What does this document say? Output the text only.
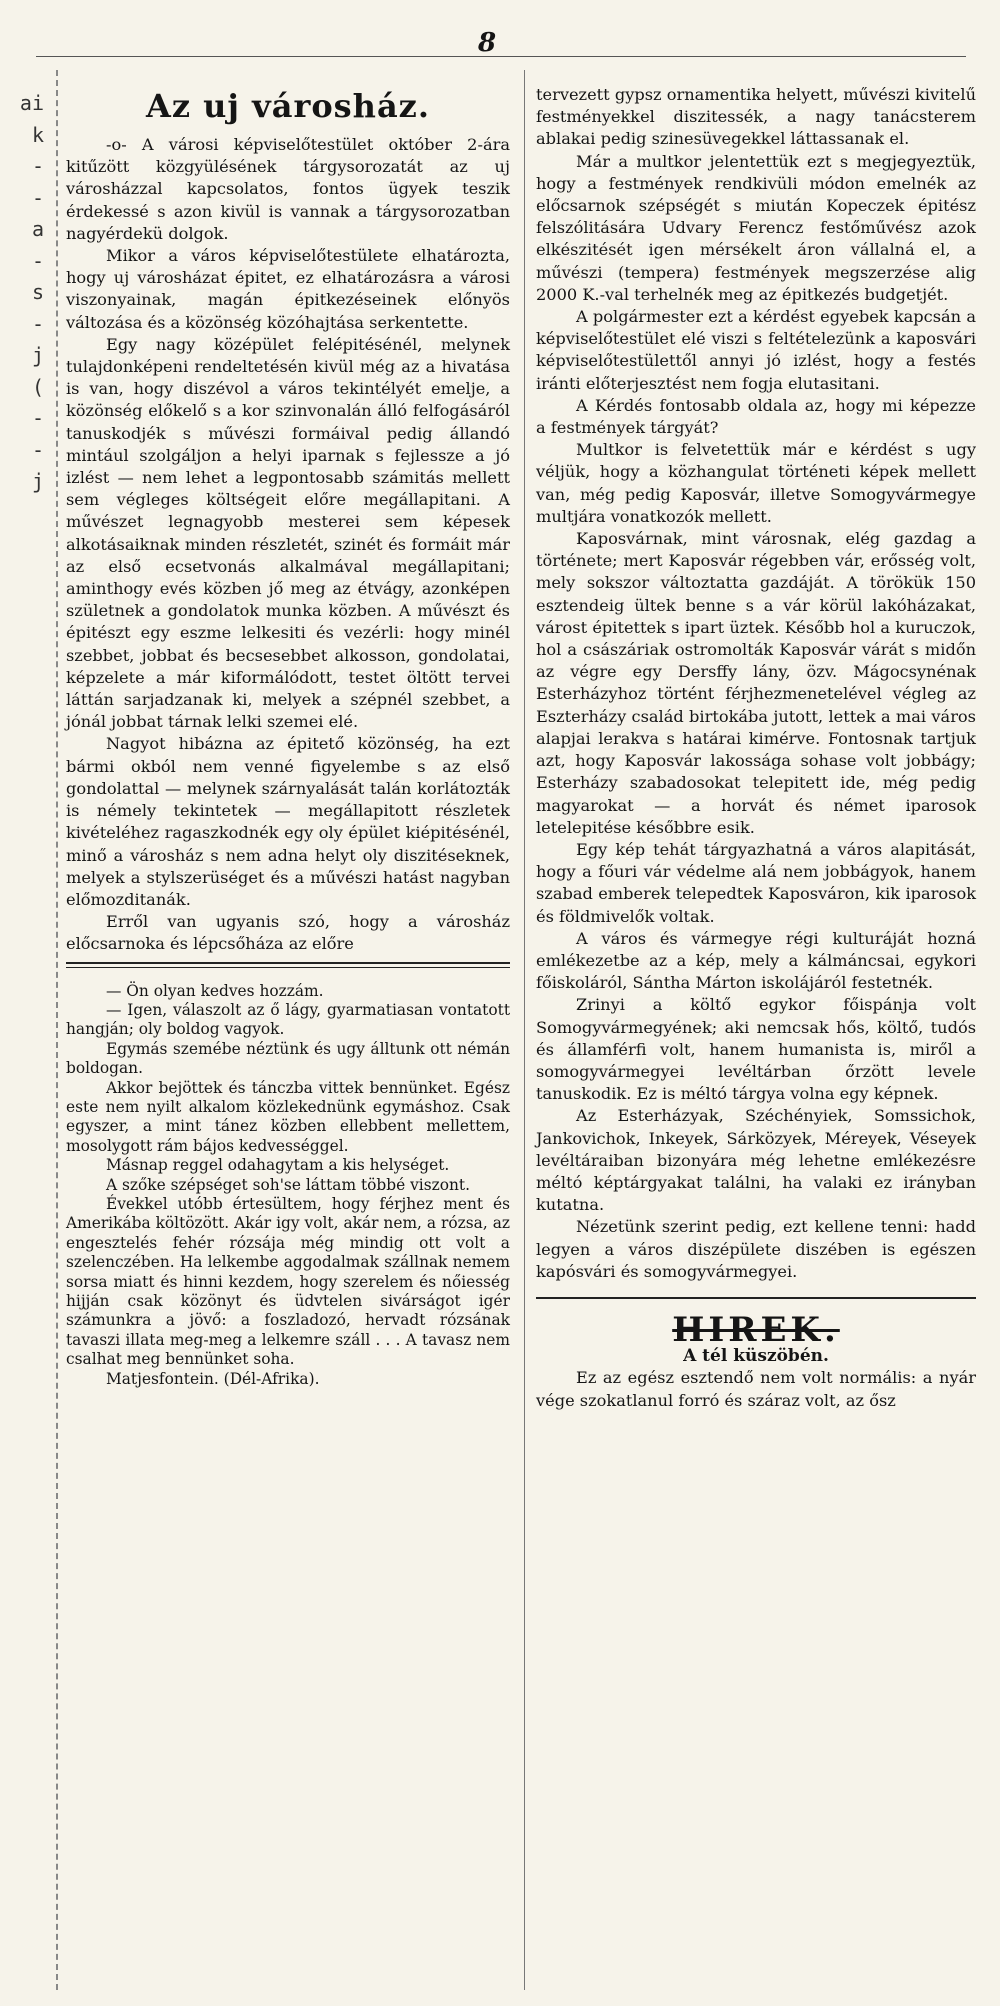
8
ai
k
-
-
a
-
s
-
j
(
-
-
j
Az uj városház.

-o- A városi képviselőtestület október 2-ára kitűzött közgyülésének tárgysorozatát az uj városházzal kapcsolatos, fontos ügyek teszik érdekessé s azon kivül is vannak a tárgysorozatban nagyérdekü dolgok.

Mikor a város képviselőtestülete elhatározta, hogy uj városházat épitet, ez elhatározásra a városi viszonyainak, magán épitkezéseinek előnyös változása és a közönség közóhajtása serkentette.

Egy nagy középület felépitésénél, melynek tulajdonképeni rendeltetésén kivül még az a hivatása is van, hogy diszévol a város tekintélyét emelje, a közönség előkelő s a kor szinvonalán álló felfogásáról tanuskodjék s művészi formáival pedig állandó mintául szolgáljon a helyi iparnak s fejlessze a jó izlést — nem lehet a legpontosabb számitás mellett sem végleges költségeit előre megállapitani. A művészet legnagyobb mesterei sem képesek alkotásaiknak minden részletét, szinét és formáit már az első ecsetvonás alkalmával megállapitani; aminthogy evés közben jő meg az étvágy, azonképen születnek a gondolatok munka közben. A művészt és épitészt egy eszme lelkesiti és vezérli: hogy minél szebbet, jobbat és becsesebbet alkosson, gondolatai, képzelete a már kiformálódott, testet öltött tervei láttán sarjadzanak ki, melyek a szépnél szebbet, a jónál jobbat tárnak lelki szemei elé.

Nagyot hibázna az épitető közönség, ha ezt bármi okból nem venné figyelembe s az első gondolattal — melynek szárnyalását talán korlátozták is némely tekintetek — megállapitott részletek kivételéhez ragaszkodnék egy oly épület kiépitésénél, minő a városház s nem adna helyt oly diszitéseknek, melyek a stylszerüséget és a művészi hatást nagyban előmozditanák.

Erről van ugyanis szó, hogy a városház előcsarnoka és lépcsőháza az előre

— Ön olyan kedves hozzám.

— Igen, válaszolt az ő lágy, gyarmatiasan vontatott hangján; oly boldog vagyok.

Egymás szemébe néztünk és ugy álltunk ott némán boldogan.

Akkor bejöttek és tánczba vittek bennünket. Egész este nem nyilt alkalom közlekednünk egymáshoz. Csak egyszer, a mint tánez közben ellebbent mellettem, mosolygott rám bájos kedvességgel.

Másnap reggel odahagytam a kis helységet.

A szőke szépséget soh'se láttam többé viszont.

Évekkel utóbb értesültem, hogy férjhez ment és Amerikába költözött. Akár igy volt, akár nem, a rózsa, az engesztelés fehér rózsája még mindig ott volt a szelenczében. Ha lelkembe aggodalmak szállnak nemem sorsa miatt és hinni kezdem, hogy szerelem és nőiesség hijján csak közönyt és üdvtelen sivárságot igér számunkra a jövő: a foszladozó, hervadt rózsának tavaszi illata meg-meg a lelkemre száll . . . A tavasz nem csalhat meg bennünket soha.

Matjesfontein. (Dél-Afrika).

tervezett gypsz ornamentika helyett, művészi kivitelű festményekkel diszitessék, a nagy tanácsterem ablakai pedig szinesüvegekkel láttassanak el.

Már a multkor jelentettük ezt s megjegyeztük, hogy a festmények rendkivüli módon emelnék az előcsarnok szépségét s miután Kopeczek épitész felszólitására Udvary Ferencz festőművész azok elkészitését igen mérsékelt áron vállalná el, a művészi (tempera) festmények megszerzése alig 2000 K.-val terhelnék meg az épitkezés budgetjét.

A polgármester ezt a kérdést egyebek kapcsán a képviselőtestület elé viszi s feltételezünk a kaposvári képviselőtestülettől annyi jó izlést, hogy a festés iránti előterjesztést nem fogja elutasitani.

A Kérdés fontosabb oldala az, hogy mi képezze a festmények tárgyát?

Multkor is felvetettük már e kérdést s ugy véljük, hogy a közhangulat történeti képek mellett van, még pedig Kaposvár, illetve Somogyvármegye multjára vonatkozók mellett.

Kaposvárnak, mint városnak, elég gazdag a története; mert Kaposvár régebben vár, erősség volt, mely sokszor változtatta gazdáját. A törökük 150 esztendeig ültek benne s a vár körül lakóházakat, várost épitettek s ipart üztek. Később hol a kuruczok, hol a császáriak ostromolták Kaposvár várát s midőn az végre egy Dersffy lány, özv. Mágocsynénak Esterházyhoz történt férjhezmenetelével végleg az Eszterházy család birtokába jutott, lettek a mai város alapjai lerakva s határai kimérve. Fontosnak tartjuk azt, hogy Kaposvár lakossága sohase volt jobbágy; Esterházy szabadosokat telepitett ide, még pedig magyarokat — a horvát és német iparosok letelepitése későbbre esik.

Egy kép tehát tárgyazhatná a város alapitását, hogy a főuri vár védelme alá nem jobbágyok, hanem szabad emberek telepedtek Kaposváron, kik iparosok és földmivelők voltak.

A város és vármegye régi kulturáját hozná emlékezetbe az a kép, mely a kálmáncsai, egykori főiskoláról, Sántha Márton iskolájáról festetnék.

Zrinyi a költő egykor főispánja volt Somogyvármegyének; aki nemcsak hős, költő, tudós és államférfi volt, hanem humanista is, miről a somogyvármegyei levéltárban őrzött levele tanuskodik. Ez is méltó tárgya volna egy képnek.

Az Esterházyak, Széchényiek, Somssichok, Jankovichok, Inkeyek, Sárközyek, Méreyek, Véseyek levéltáraiban bizonyára még lehetne emlékezésre méltó képtárgyakat találni, ha valaki ez irányban kutatna.

Nézetünk szerint pedig, ezt kellene tenni: hadd legyen a város diszépülete diszében is egészen kapósvári és somogyvármegyei.

HIREK.
A tél küszöbén.

Ez az egész esztendő nem volt normális: a nyár vége szokatlanul forró és száraz volt, az ősz
